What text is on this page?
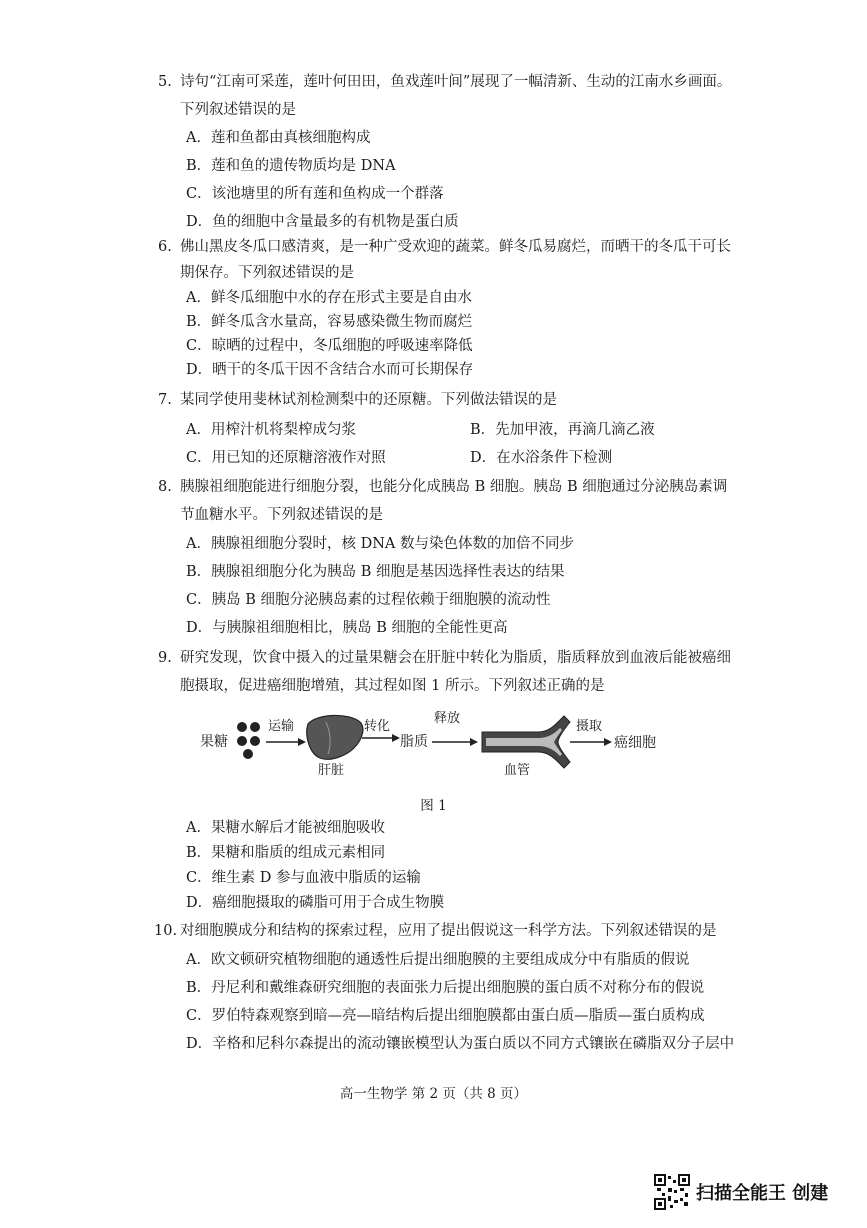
5. 诗句“江南可采莲，莲叶何田田，鱼戏莲叶间”展现了一幅清新、生动的江南水乡画面。
下列叙述错误的是
A．莲和鱼都由真核细胞构成
B．莲和鱼的遗传物质均是 DNA
C．该池塘里的所有莲和鱼构成一个群落
D．鱼的细胞中含量最多的有机物是蛋白质
6. 佛山黑皮冬瓜口感清爽，是一种广受欢迎的蔬菜。鲜冬瓜易腐烂，而晒干的冬瓜干可长
期保存。下列叙述错误的是
A．鲜冬瓜细胞中水的存在形式主要是自由水
B．鲜冬瓜含水量高，容易感染微生物而腐烂
C．晾晒的过程中，冬瓜细胞的呼吸速率降低
D．晒干的冬瓜干因不含结合水而可长期保存
7. 某同学使用斐林试剂检测梨中的还原糖。下列做法错误的是
A．用榨汁机将梨榨成匀浆	B．先加甲液，再滴几滴乙液
C．用已知的还原糖溶液作对照	D．在水浴条件下检测
8. 胰腺祖细胞能进行细胞分裂，也能分化成胰岛 B 细胞。胰岛 B 细胞通过分泌胰岛素调
节血糖水平。下列叙述错误的是
A．胰腺祖细胞分裂时，核 DNA 数与染色体数的加倍不同步
B．胰腺祖细胞分化为胰岛 B 细胞是基因选择性表达的结果
C．胰岛 B 细胞分泌胰岛素的过程依赖于细胞膜的流动性
D．与胰腺祖细胞相比，胰岛 B 细胞的全能性更高
9. 研究发现，饮食中摄入的过量果糖会在肝脏中转化为脂质，脂质释放到血液后能被癌细
胞摄取，促进癌细胞增殖，其过程如图 1 所示。下列叙述正确的是
果糖
运输
肝脏
转化
脂质
释放
血管
摄取
癌细胞
图 1
A．果糖水解后才能被细胞吸收
B．果糖和脂质的组成元素相同
C．维生素 D 参与血液中脂质的运输
D．癌细胞摄取的磷脂可用于合成生物膜
10. 对细胞膜成分和结构的探索过程，应用了提出假说这一科学方法。下列叙述错误的是
A．欧文顿研究植物细胞的通透性后提出细胞膜的主要组成成分中有脂质的假说
B．丹尼利和戴维森研究细胞的表面张力后提出细胞膜的蛋白质不对称分布的假说
C．罗伯特森观察到暗—亮—暗结构后提出细胞膜都由蛋白质—脂质—蛋白质构成
D．辛格和尼科尔森提出的流动镶嵌模型认为蛋白质以不同方式镶嵌在磷脂双分子层中
高一生物学 第 2 页（共 8 页）
扫描全能王 创建
